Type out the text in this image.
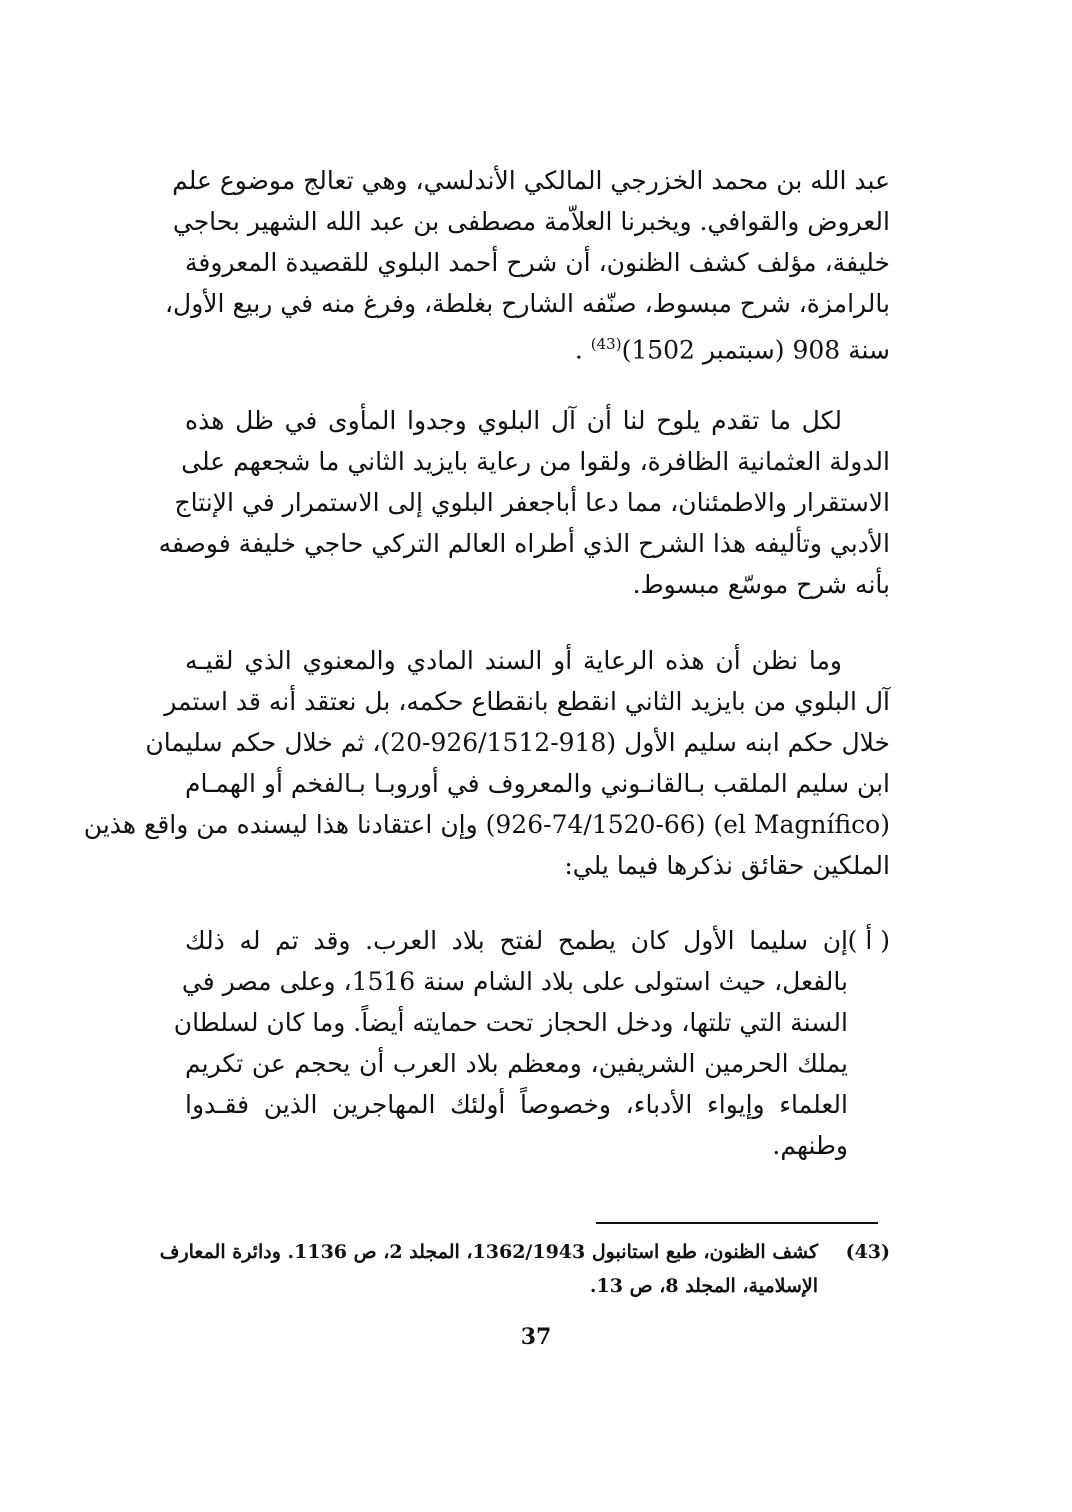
عبد الله بن محمد الخزرجي المالكي الأندلسي، وهي تعالج موضوع علم
العروض والقوافي. ويخبرنا العلاّمة مصطفى بن عبد الله الشهير بحاجي
خليفة، مؤلف كشف الظنون، أن شرح أحمد البلوي للقصيدة المعروفة
بالرامزة، شرح مبسوط، صنّفه الشارح بغلطة، وفرغ منه في ربيع الأول،
سنة 908 (سبتمبر 1502)$^{(43)}$ .
لكل ما تقدم يلوح لنا أن آل البلوي وجدوا المأوى في ظل هذه
الدولة العثمانية الظافرة، ولقوا من رعاية بايزيد الثاني ما شجعهم على
الاستقرار والاطمئنان، مما دعا أباجعفر البلوي إلى الاستمرار في الإنتاج
الأدبي وتأليفه هذا الشرح الذي أطراه العالم التركي حاجي خليفة فوصفه
بأنه شرح موسّع مبسوط.
وما نظن أن هذه الرعاية أو السند المادي والمعنوي الذي لقيـه
آل البلوي من بايزيد الثاني انقطع بانقطاع حكمه، بل نعتقد أنه قد استمر
خلال حكم ابنه سليم الأول (918-926/1512-20)، ثم خلال حكم سليمان
ابن سليم الملقب بـالقانـوني والمعروف في أوروبـا بـالفخم أو الهمـام
(el Magnífico) (926-74/1520-66) وإن اعتقادنا هذا ليسنده من واقع هذين
الملكين حقائق نذكرها فيما يلي:
( أ )
إن سليما الأول كان يطمح لفتح بلاد العرب. وقد تم له ذلك
بالفعل، حيث استولى على بلاد الشام سنة 1516، وعلى مصر في
السنة التي تلتها، ودخل الحجاز تحت حمايته أيضاً. وما كان لسلطان
يملك الحرمين الشريفين، ومعظم بلاد العرب أن يحجم عن تكريم
العلماء وإيواء الأدباء، وخصوصاً أولئك المهاجرين الذين فقـدوا
وطنهم.
(43)
كشف الظنون، طبع استانبول 1362/1943، المجلد 2، ص 1136. ودائرة المعارف
الإسلامية، المجلد 8، ص 13.
37
